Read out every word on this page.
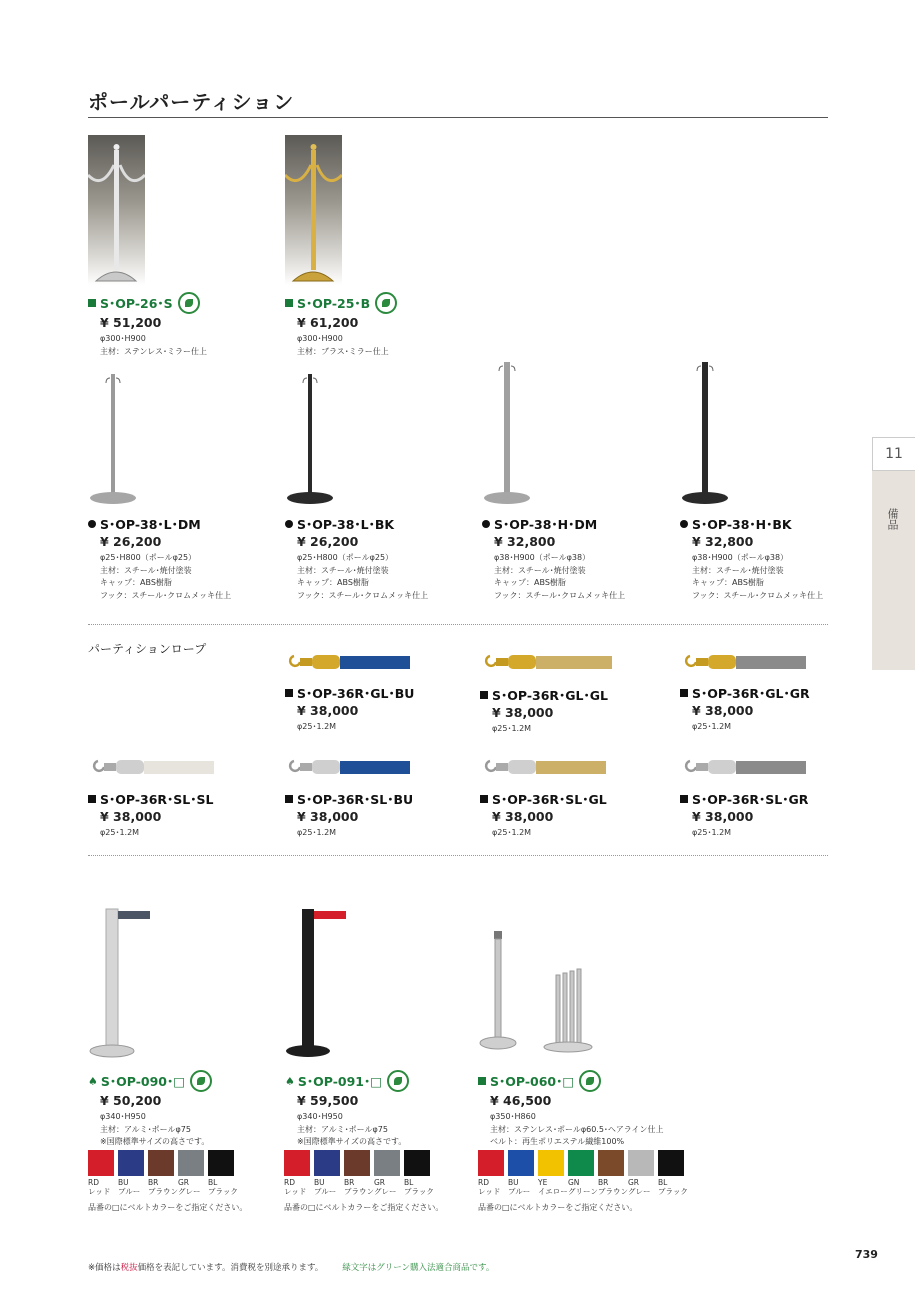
ポールパーティション
11
備品
S･OP-26･S
¥ 51,200
φ300･H900
主材：ステンレス･ミラー仕上
S･OP-25･B
¥ 61,200
φ300･H900
主材：ブラス･ミラー仕上
S･OP-38･L･DM
¥ 26,200
φ25･H800（ポールφ25）
主材：スチール･焼付塗装
キャップ：ABS樹脂
フック：スチール･クロムメッキ仕上
S･OP-38･L･BK
¥ 26,200
φ25･H800（ポールφ25）
主材：スチール･焼付塗装
キャップ：ABS樹脂
フック：スチール･クロムメッキ仕上
S･OP-38･H･DM
¥ 32,800
φ38･H900（ポールφ38）
主材：スチール･焼付塗装
キャップ：ABS樹脂
フック：スチール･クロムメッキ仕上
S･OP-38･H･BK
¥ 32,800
φ38･H900（ポールφ38）
主材：スチール･焼付塗装
キャップ：ABS樹脂
フック：スチール･クロムメッキ仕上
パーティションロープ
S･OP-36R･GL･BU
¥ 38,000
φ25･1.2M
S･OP-36R･GL･GL
¥ 38,000
φ25･1.2M
S･OP-36R･GL･GR
¥ 38,000
φ25･1.2M
S･OP-36R･SL･SL
¥ 38,000
φ25･1.2M
S･OP-36R･SL･BU
¥ 38,000
φ25･1.2M
S･OP-36R･SL･GL
¥ 38,000
φ25･1.2M
S･OP-36R･SL･GR
¥ 38,000
φ25･1.2M
♠ S･OP-090･□
¥ 50,200
φ340･H950
主材：アルミ･ポールφ75
※国際標準サイズの高さです。
♠ S･OP-091･□
¥ 59,500
φ340･H950
主材：アルミ･ポールφ75
※国際標準サイズの高さです。
S･OP-060･□
¥ 46,500
φ350･H860
主材：ステンレス･ポールφ60.5･ヘアライン仕上
ベルト：再生ポリエステル繊維100%
RD
レッド
BU
ブルー
BR
ブラウン
GR
グレー
BL
ブラック
品番の□にベルトカラーをご指定ください。
RD
レッド
BU
ブルー
BR
ブラウン
GR
グレー
BL
ブラック
品番の□にベルトカラーをご指定ください。
RD
レッド
BU
ブルー
YE
イエロー
GN
グリーン
BR
ブラウン
GR
グレー
BL
ブラック
品番の□にベルトカラーをご指定ください。
※価格は税抜価格を表記しています。消費税を別途承ります。 緑文字はグリーン購入法適合商品です。
739
